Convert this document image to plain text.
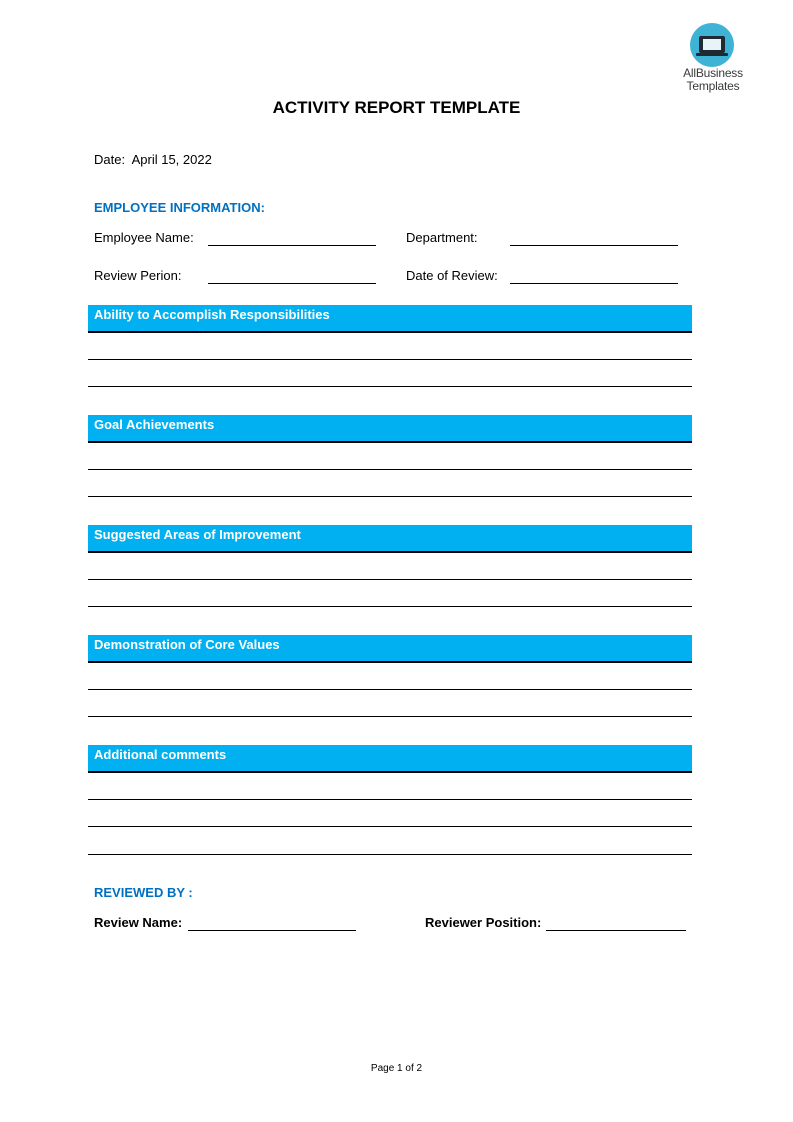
AllBusiness
Templates
ACTIVITY REPORT TEMPLATE
Date: April 15, 2022
EMPLOYEE INFORMATION:
Employee Name:	Department:
Review Perion:	Date of Review:
Ability to Accomplish Responsibilities
Goal Achievements
Suggested Areas of Improvement
Demonstration of Core Values
Additional comments
REVIEWED BY :
Review Name:	Reviewer Position:
Page 1 of 2
